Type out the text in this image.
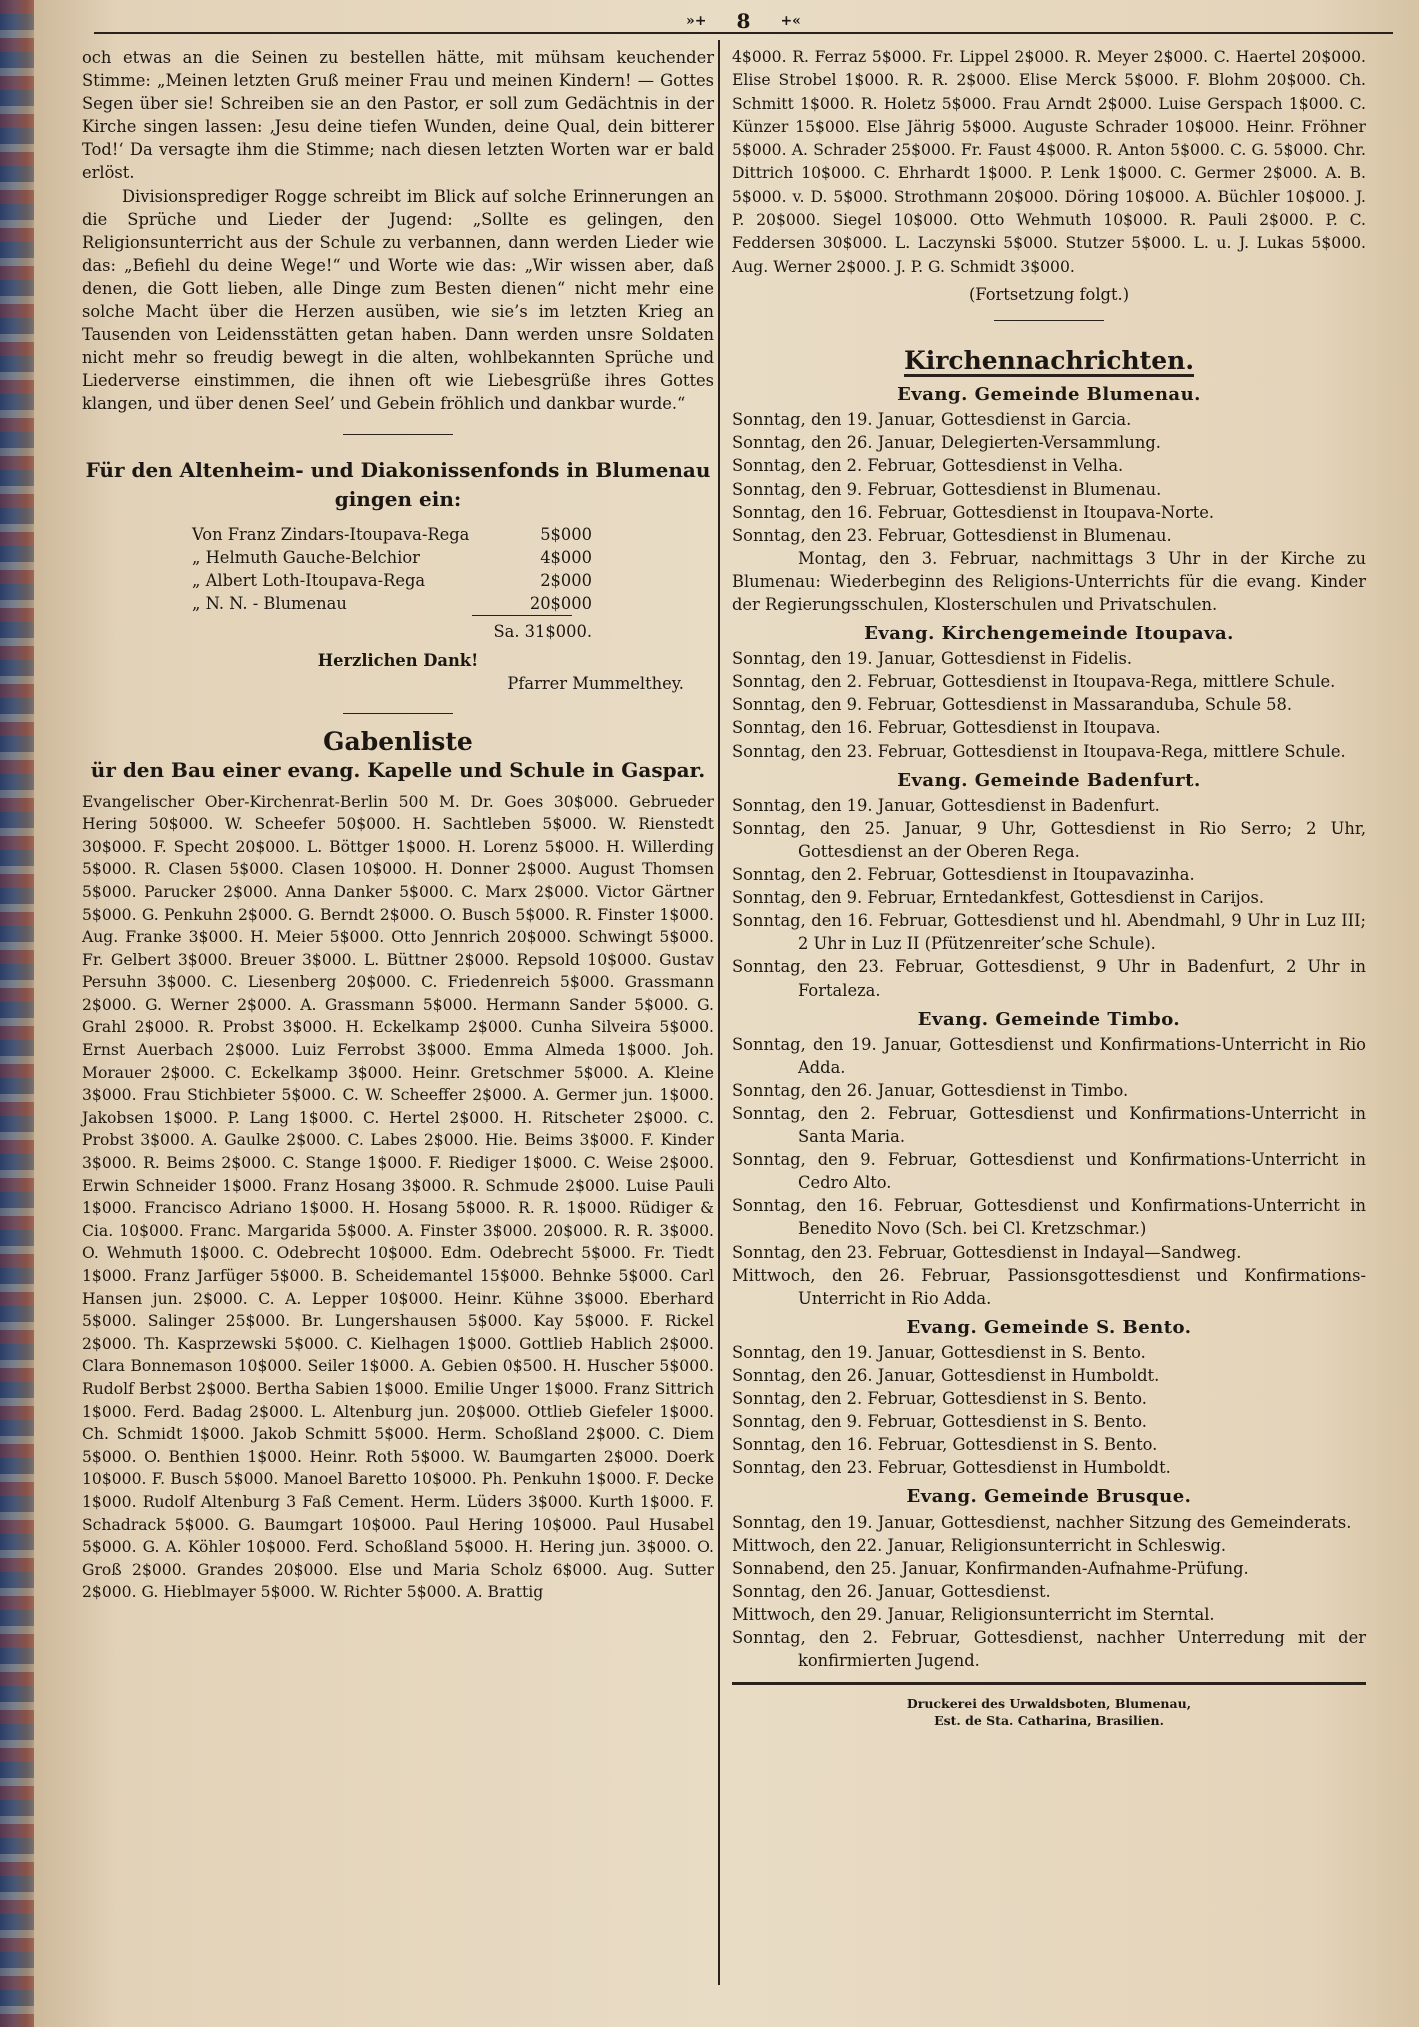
»+ 8 +«

och etwas an die Seinen zu bestellen hätte, mit mühsam keuchender Stimme: „Meinen letzten Gruß meiner Frau und meinen Kindern! — Gottes Segen über sie! Schreiben sie an den Pastor, er soll zum Gedächtnis in der Kirche singen lassen: ‚Jesu deine tiefen Wunden, deine Qual, dein bitterer Tod!‘ Da versagte ihm die Stimme; nach diesen letzten Worten war er bald erlöst.

Divisionsprediger Rogge schreibt im Blick auf solche Erinnerungen an die Sprüche und Lieder der Jugend: „Sollte es gelingen, den Religionsunterricht aus der Schule zu verbannen, dann werden Lieder wie das: „Befiehl du deine Wege!“ und Worte wie das: „Wir wissen aber, daß denen, die Gott lieben, alle Dinge zum Besten dienen“ nicht mehr eine solche Macht über die Herzen ausüben, wie sie’s im letzten Krieg an Tausenden von Leidensstätten getan haben. Dann werden unsre Soldaten nicht mehr so freudig bewegt in die alten, wohlbekannten Sprüche und Liederverse einstimmen, die ihnen oft wie Liebesgrüße ihres Gottes klangen, und über denen Seel’ und Gebein fröhlich und dankbar wurde.“

Für den Altenheim- und Diakonissenfonds in Blumenau
gingen ein:
Von Franz Zindars-Itoupava-Rega	5$000
„ Helmuth Gauche-Belchior	4$000
„ Albert Loth-Itoupava-Rega	2$000
„ N. N. - Blumenau	20$000
Sa. 31$000.
Herzlichen Dank!
Pfarrer Mummelthey.
Gabenliste
ür den Bau einer evang. Kapelle und Schule in Gaspar.

Evangelischer Ober-Kirchenrat-Berlin 500 M. Dr. Goes 30$000. Gebrueder Hering 50$000. W. Scheefer 50$000. H. Sachtleben 5$000. W. Rienstedt 30$000. F. Specht 20$000. L. Böttger 1$000. H. Lorenz 5$000. H. Willerding 5$000. R. Clasen 5$000. Clasen 10$000. H. Donner 2$000. August Thomsen 5$000. Parucker 2$000. Anna Danker 5$000. C. Marx 2$000. Victor Gärtner 5$000. G. Penkuhn 2$000. G. Berndt 2$000. O. Busch 5$000. R. Finster 1$000. Aug. Franke 3$000. H. Meier 5$000. Otto Jennrich 20$000. Schwingt 5$000. Fr. Gelbert 3$000. Breuer 3$000. L. Büttner 2$000. Repsold 10$000. Gustav Persuhn 3$000. C. Liesenberg 20$000. C. Friedenreich 5$000. Grassmann 2$000. G. Werner 2$000. A. Grassmann 5$000. Hermann Sander 5$000. G. Grahl 2$000. R. Probst 3$000. H. Eckelkamp 2$000. Cunha Silveira 5$000. Ernst Auerbach 2$000. Luiz Ferrobst 3$000. Emma Almeda 1$000. Joh. Morauer 2$000. C. Eckelkamp 3$000. Heinr. Gretschmer 5$000. A. Kleine 3$000. Frau Stichbieter 5$000. C. W. Scheeffer 2$000. A. Germer jun. 1$000. Jakobsen 1$000. P. Lang 1$000. C. Hertel 2$000. H. Ritscheter 2$000. C. Probst 3$000. A. Gaulke 2$000. C. Labes 2$000. Hie. Beims 3$000. F. Kinder 3$000. R. Beims 2$000. C. Stange 1$000. F. Riediger 1$000. C. Weise 2$000. Erwin Schneider 1$000. Franz Hosang 3$000. R. Schmude 2$000. Luise Pauli 1$000. Francisco Adriano 1$000. H. Hosang 5$000. R. R. 1$000. Rüdiger & Cia. 10$000. Franc. Margarida 5$000. A. Finster 3$000. 20$000. R. R. 3$000. O. Wehmuth 1$000. C. Odebrecht 10$000. Edm. Odebrecht 5$000. Fr. Tiedt 1$000. Franz Jarfüger 5$000. B. Scheidemantel 15$000. Behnke 5$000. Carl Hansen jun. 2$000. C. A. Lepper 10$000. Heinr. Kühne 3$000. Eberhard 5$000. Salinger 25$000. Br. Lungershausen 5$000. Kay 5$000. F. Rickel 2$000. Th. Kasprzewski 5$000. C. Kielhagen 1$000. Gottlieb Hablich 2$000. Clara Bonnemason 10$000. Seiler 1$000. A. Gebien 0$500. H. Huscher 5$000. Rudolf Berbst 2$000. Bertha Sabien 1$000. Emilie Unger 1$000. Franz Sittrich 1$000. Ferd. Badag 2$000. L. Altenburg jun. 20$000. Ottlieb Giefeler 1$000. Ch. Schmidt 1$000. Jakob Schmitt 5$000. Herm. Schoßland 2$000. C. Diem 5$000. O. Benthien 1$000. Heinr. Roth 5$000. W. Baumgarten 2$000. Doerk 10$000. F. Busch 5$000. Manoel Baretto 10$000. Ph. Penkuhn 1$000. F. Decke 1$000. Rudolf Altenburg 3 Faß Cement. Herm. Lüders 3$000. Kurth 1$000. F. Schadrack 5$000. G. Baumgart 10$000. Paul Hering 10$000. Paul Husabel 5$000. G. A. Köhler 10$000. Ferd. Schoßland 5$000. H. Hering jun. 3$000. O. Groß 2$000. Grandes 20$000. Else und Maria Scholz 6$000. Aug. Sutter 2$000. G. Hieblmayer 5$000. W. Richter 5$000. A. Brattig

4$000. R. Ferraz 5$000. Fr. Lippel 2$000. R. Meyer 2$000. C. Haertel 20$000. Elise Strobel 1$000. R. R. 2$000. Elise Merck 5$000. F. Blohm 20$000. Ch. Schmitt 1$000. R. Holetz 5$000. Frau Arndt 2$000. Luise Gerspach 1$000. C. Künzer 15$000. Else Jährig 5$000. Auguste Schrader 10$000. Heinr. Fröhner 5$000. A. Schrader 25$000. Fr. Faust 4$000. R. Anton 5$000. C. G. 5$000. Chr. Dittrich 10$000. C. Ehrhardt 1$000. P. Lenk 1$000. C. Germer 2$000. A. B. 5$000. v. D. 5$000. Strothmann 20$000. Döring 10$000. A. Büchler 10$000. J. P. 20$000. Siegel 10$000. Otto Wehmuth 10$000. R. Pauli 2$000. P. C. Feddersen 30$000. L. Laczynski 5$000. Stutzer 5$000. L. u. J. Lukas 5$000. Aug. Werner 2$000. J. P. G. Schmidt 3$000.

(Fortsetzung folgt.)
Kirchennachrichten.
Evang. Gemeinde Blumenau.

Sonntag, den 19. Januar, Gottesdienst in Garcia.

Sonntag, den 26. Januar, Delegierten-Versammlung.

Sonntag, den 2. Februar, Gottesdienst in Velha.

Sonntag, den 9. Februar, Gottesdienst in Blumenau.

Sonntag, den 16. Februar, Gottesdienst in Itoupava-Norte.

Sonntag, den 23. Februar, Gottesdienst in Blumenau.

Montag, den 3. Februar, nachmittags 3 Uhr in der Kirche zu Blumenau: Wiederbeginn des Religions-Unterrichts für die evang. Kinder der Regierungsschulen, Klosterschulen und Privatschulen.

Evang. Kirchengemeinde Itoupava.

Sonntag, den 19. Januar, Gottesdienst in Fidelis.

Sonntag, den 2. Februar, Gottesdienst in Itoupava-Rega, mittlere Schule.

Sonntag, den 9. Februar, Gottesdienst in Massaranduba, Schule 58.

Sonntag, den 16. Februar, Gottesdienst in Itoupava.

Sonntag, den 23. Februar, Gottesdienst in Itoupava-Rega, mittlere Schule.

Evang. Gemeinde Badenfurt.

Sonntag, den 19. Januar, Gottesdienst in Badenfurt.

Sonntag, den 25. Januar, 9 Uhr, Gottesdienst in Rio Serro; 2 Uhr, Gottesdienst an der Oberen Rega.

Sonntag, den 2. Februar, Gottesdienst in Itoupavazinha.

Sonntag, den 9. Februar, Erntedankfest, Gottesdienst in Carijos.

Sonntag, den 16. Februar, Gottesdienst und hl. Abendmahl, 9 Uhr in Luz III; 2 Uhr in Luz II (Pfützenreiter’sche Schule).

Sonntag, den 23. Februar, Gottesdienst, 9 Uhr in Badenfurt, 2 Uhr in Fortaleza.

Evang. Gemeinde Timbo.

Sonntag, den 19. Januar, Gottesdienst und Konfirmations-Unterricht in Rio Adda.

Sonntag, den 26. Januar, Gottesdienst in Timbo.

Sonntag, den 2. Februar, Gottesdienst und Konfirmations-Unterricht in Santa Maria.

Sonntag, den 9. Februar, Gottesdienst und Konfirmations-Unterricht in Cedro Alto.

Sonntag, den 16. Februar, Gottesdienst und Konfirmations-Unterricht in Benedito Novo (Sch. bei Cl. Kretzschmar.)

Sonntag, den 23. Februar, Gottesdienst in Indayal—Sandweg.

Mittwoch, den 26. Februar, Passionsgottesdienst und Konfirmations-Unterricht in Rio Adda.

Evang. Gemeinde S. Bento.

Sonntag, den 19. Januar, Gottesdienst in S. Bento.

Sonntag, den 26. Januar, Gottesdienst in Humboldt.

Sonntag, den 2. Februar, Gottesdienst in S. Bento.

Sonntag, den 9. Februar, Gottesdienst in S. Bento.

Sonntag, den 16. Februar, Gottesdienst in S. Bento.

Sonntag, den 23. Februar, Gottesdienst in Humboldt.

Evang. Gemeinde Brusque.

Sonntag, den 19. Januar, Gottesdienst, nachher Sitzung des Gemeinderats.

Mittwoch, den 22. Januar, Religionsunterricht in Schleswig.

Sonnabend, den 25. Januar, Konfirmanden-Aufnahme-Prüfung.

Sonntag, den 26. Januar, Gottesdienst.

Mittwoch, den 29. Januar, Religionsunterricht im Sterntal.

Sonntag, den 2. Februar, Gottesdienst, nachher Unterredung mit der konfirmierten Jugend.

Druckerei des Urwaldsboten, Blumenau,
Est. de Sta. Catharina, Brasilien.
